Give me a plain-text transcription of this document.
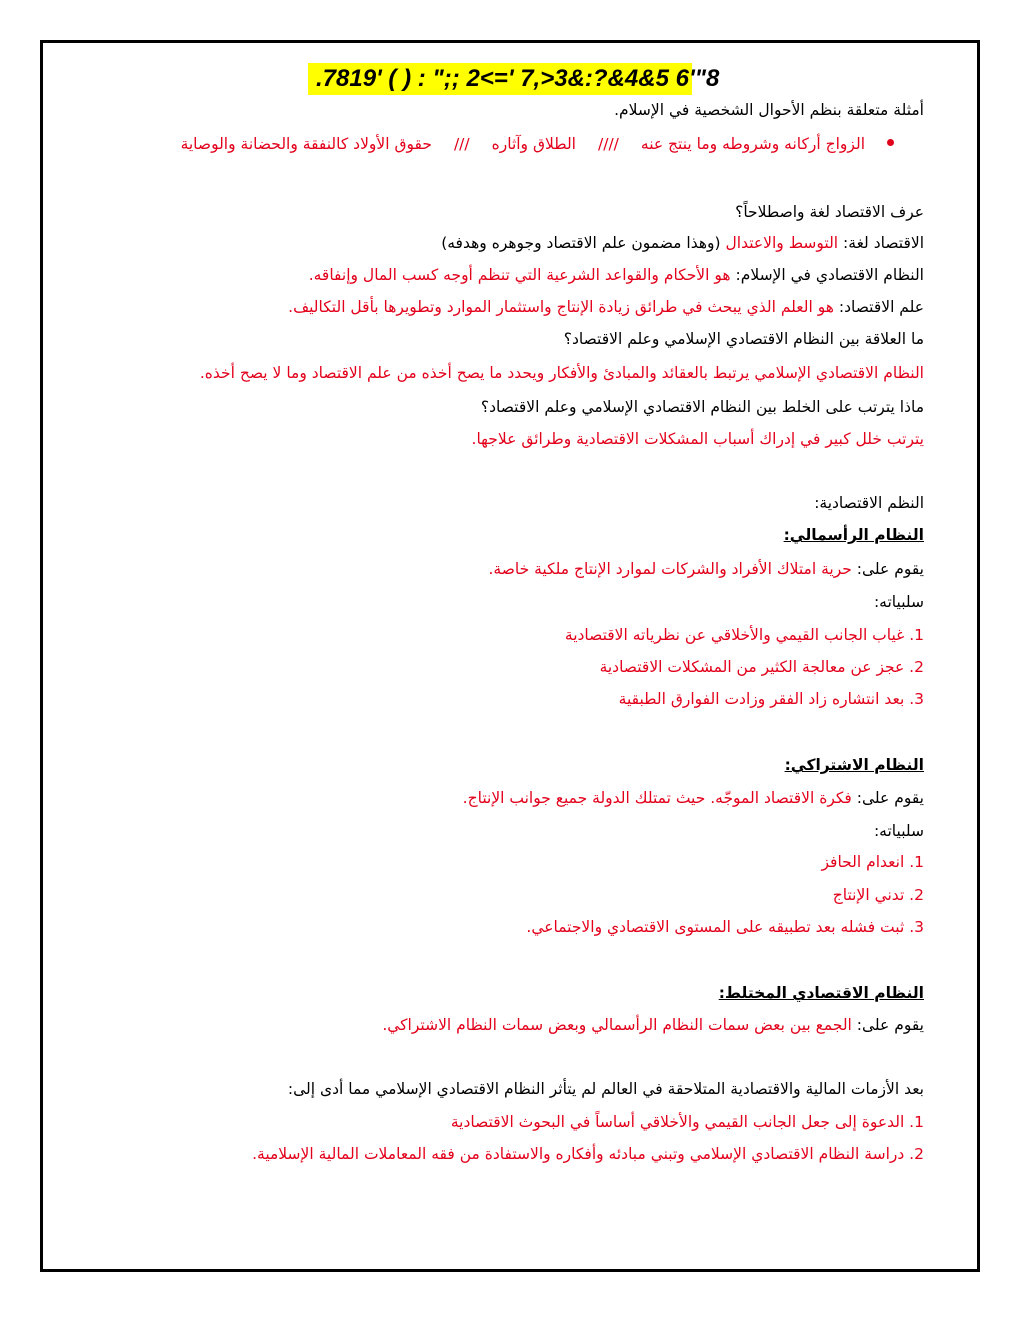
.7819' ( ) : ";; 2<=' 7,>3&:?&4&5 6'"8
أمثلة متعلقة بنظم الأحوال الشخصية في الإسلام.
الزواج أركانه وشروطه وما ينتج عنه////الطلاق وآثاره///حقوق الأولاد كالنفقة والحضانة والوصاية
عرف الاقتصاد لغة واصطلاحاً؟
الاقتصاد لغة: التوسط والاعتدال (وهذا مضمون علم الاقتصاد وجوهره وهدفه)
النظام الاقتصادي في الإسلام: هو الأحكام والقواعد الشرعية التي تنظم أوجه كسب المال وإنفاقه.
علم الاقتصاد: هو العلم الذي يبحث في طرائق زيادة الإنتاج واستثمار الموارد وتطويرها بأقل التكاليف.
ما العلاقة بين النظام الاقتصادي الإسلامي وعلم الاقتصاد؟
النظام الاقتصادي الإسلامي يرتبط بالعقائد والمبادئ والأفكار ويحدد ما يصح أخذه من علم الاقتصاد وما لا يصح أخذه.
ماذا يترتب على الخلط بين النظام الاقتصادي الإسلامي وعلم الاقتصاد؟
يترتب خلل كبير في إدراك أسباب المشكلات الاقتصادية وطرائق علاجها.
النظم الاقتصادية:
النظام الرأسمالي:
يقوم على: حرية امتلاك الأفراد والشركات لموارد الإنتاج ملكية خاصة.
سلبياته:
1. غياب الجانب القيمي والأخلاقي عن نظرياته الاقتصادية
2. عجز عن معالجة الكثير من المشكلات الاقتصادية
3. بعد انتشاره زاد الفقر وزادت الفوارق الطبقية
النظام الاشتراكي:
يقوم على: فكرة الاقتصاد الموجّه. حيث تمتلك الدولة جميع جوانب الإنتاج.
سلبياته:
1. انعدام الحافز
2. تدني الإنتاج
3. ثبت فشله بعد تطبيقه على المستوى الاقتصادي والاجتماعي.
النظام الاقتصادي المختلط:
يقوم على: الجمع بين بعض سمات النظام الرأسمالي وبعض سمات النظام الاشتراكي.
بعد الأزمات المالية والاقتصادية المتلاحقة في العالم لم يتأثر النظام الاقتصادي الإسلامي مما أدى إلى:
1. الدعوة إلى جعل الجانب القيمي والأخلاقي أساساً في البحوث الاقتصادية
2. دراسة النظام الاقتصادي الإسلامي وتبني مبادئه وأفكاره والاستفادة من فقه المعاملات المالية الإسلامية.
